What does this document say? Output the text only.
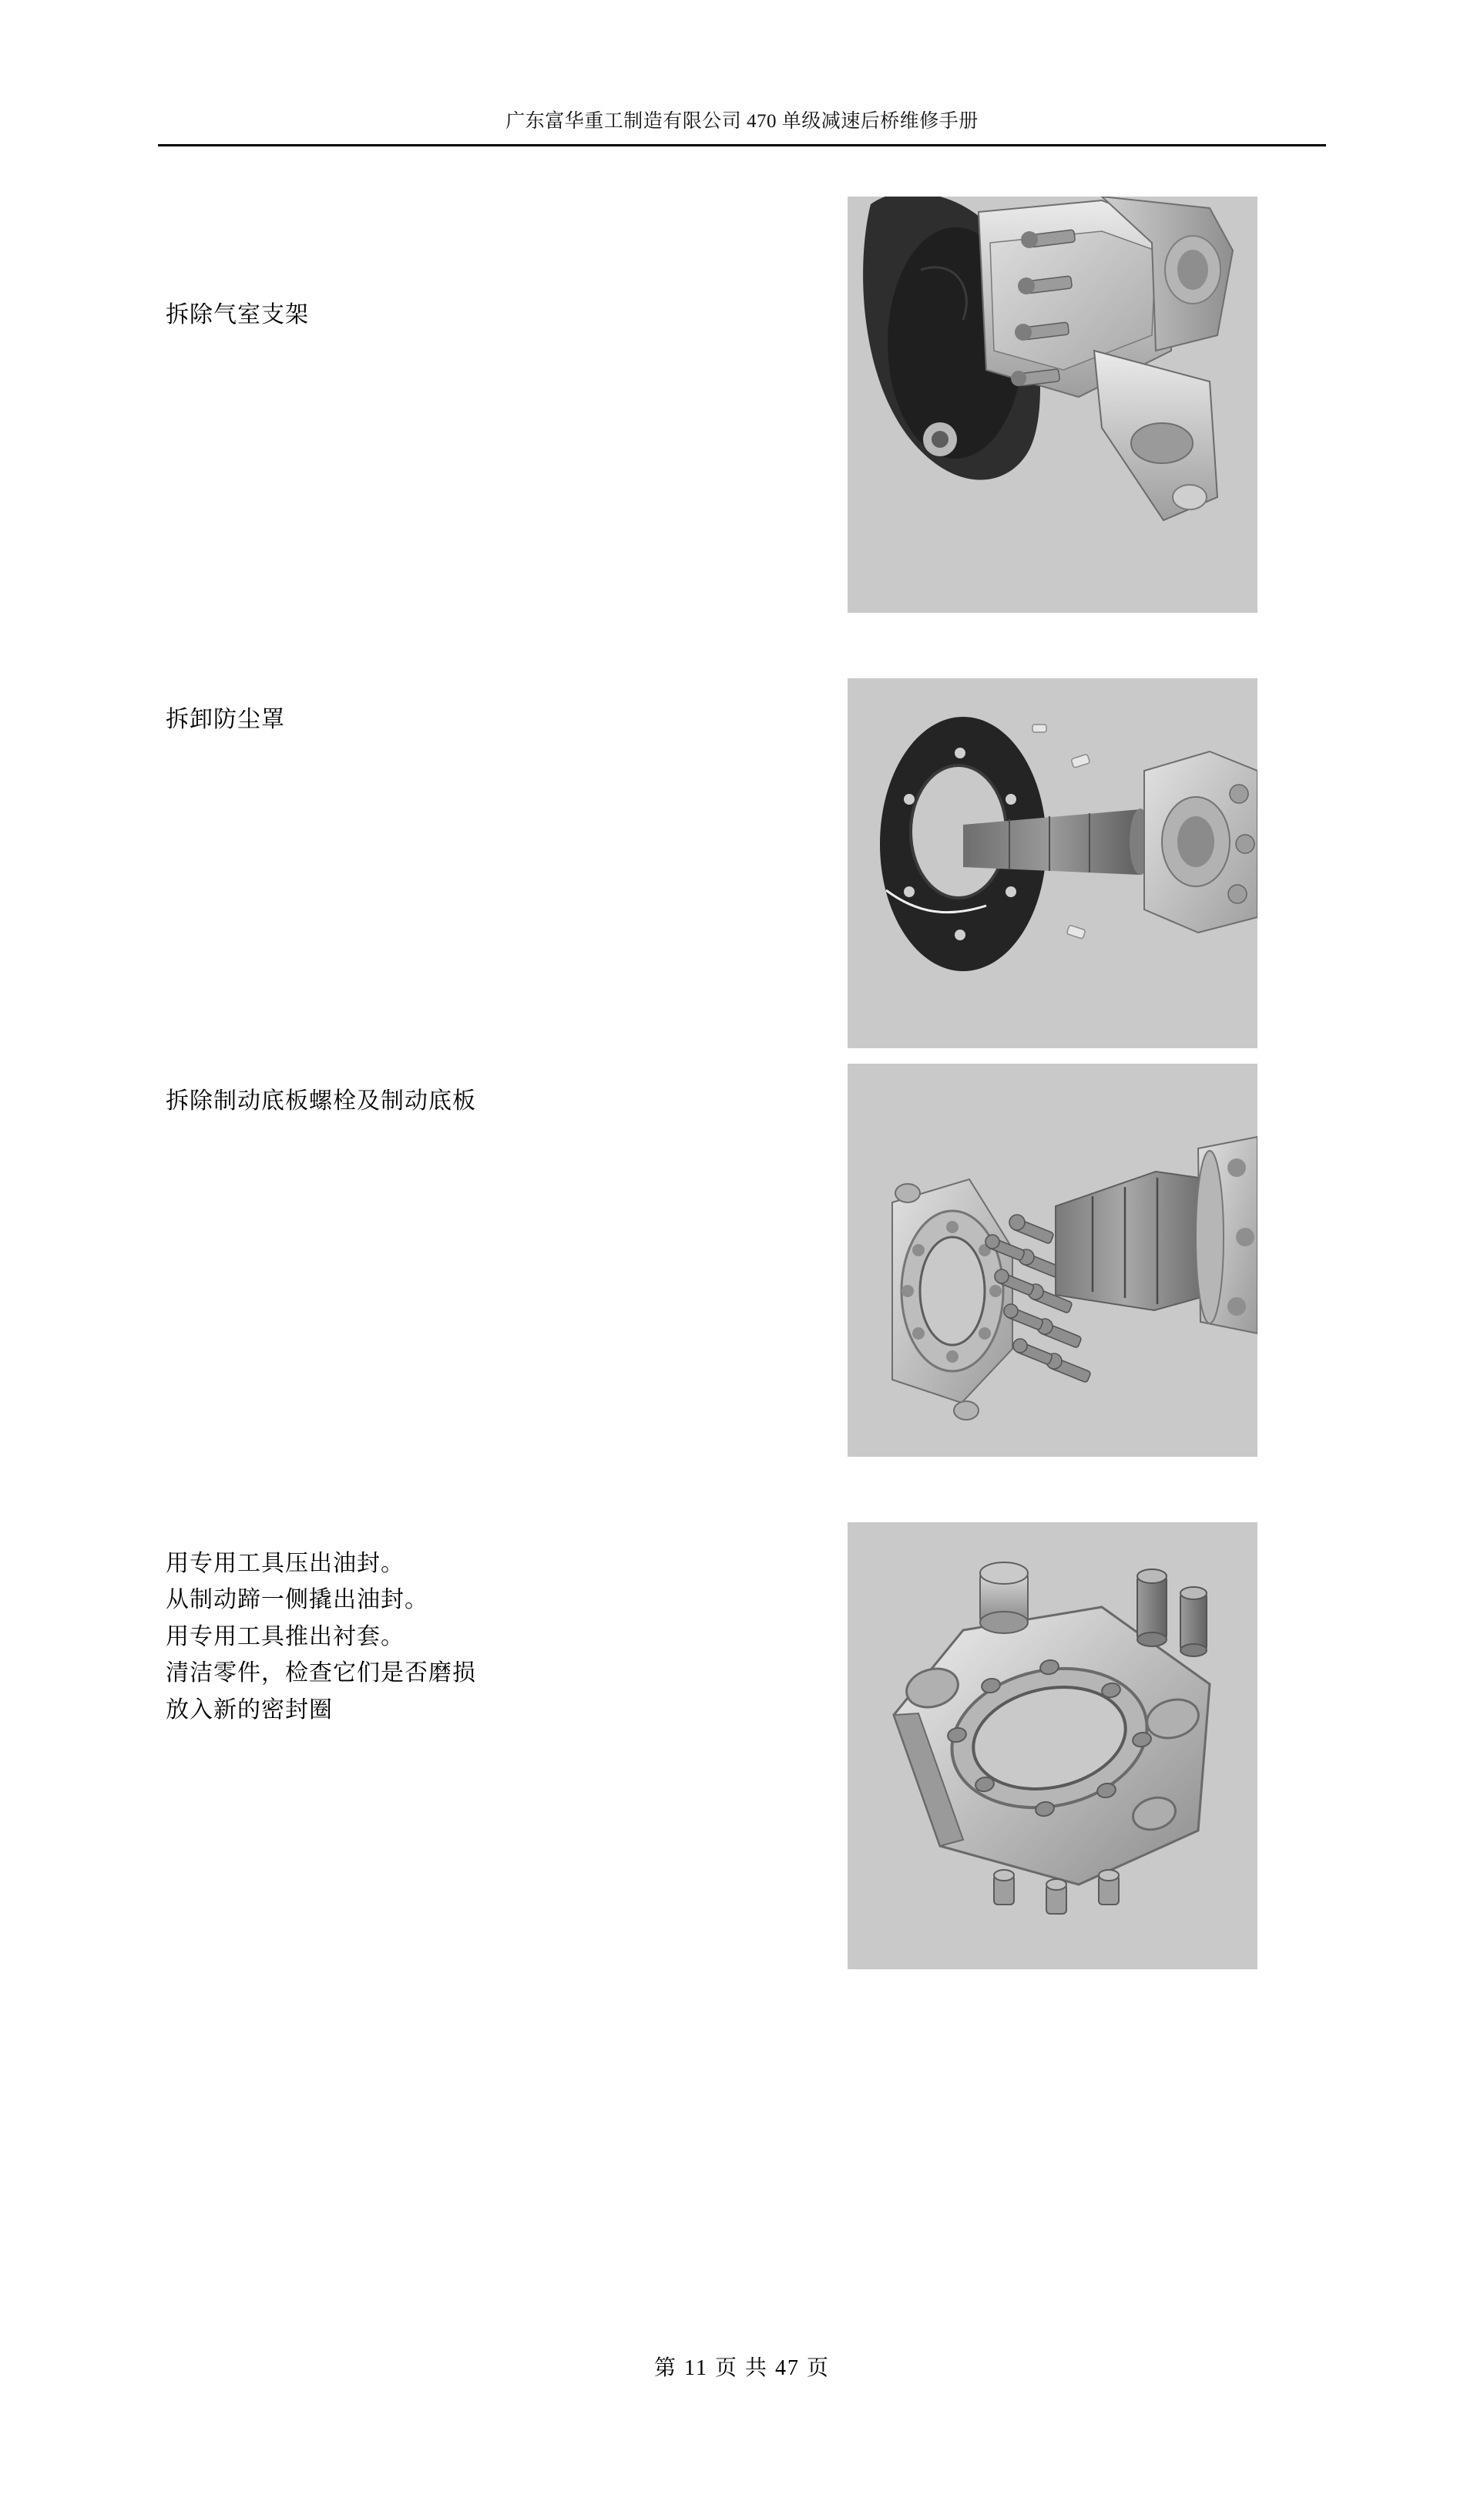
广东富华重工制造有限公司 470 单级减速后桥维修手册
拆除气室支架
拆卸防尘罩
拆除制动底板螺栓及制动底板
用专用工具压出油封。
从制动蹄一侧撬出油封。
用专用工具推出衬套。
清洁零件，检查它们是否磨损
放入新的密封圈
第 11 页 共 47 页
